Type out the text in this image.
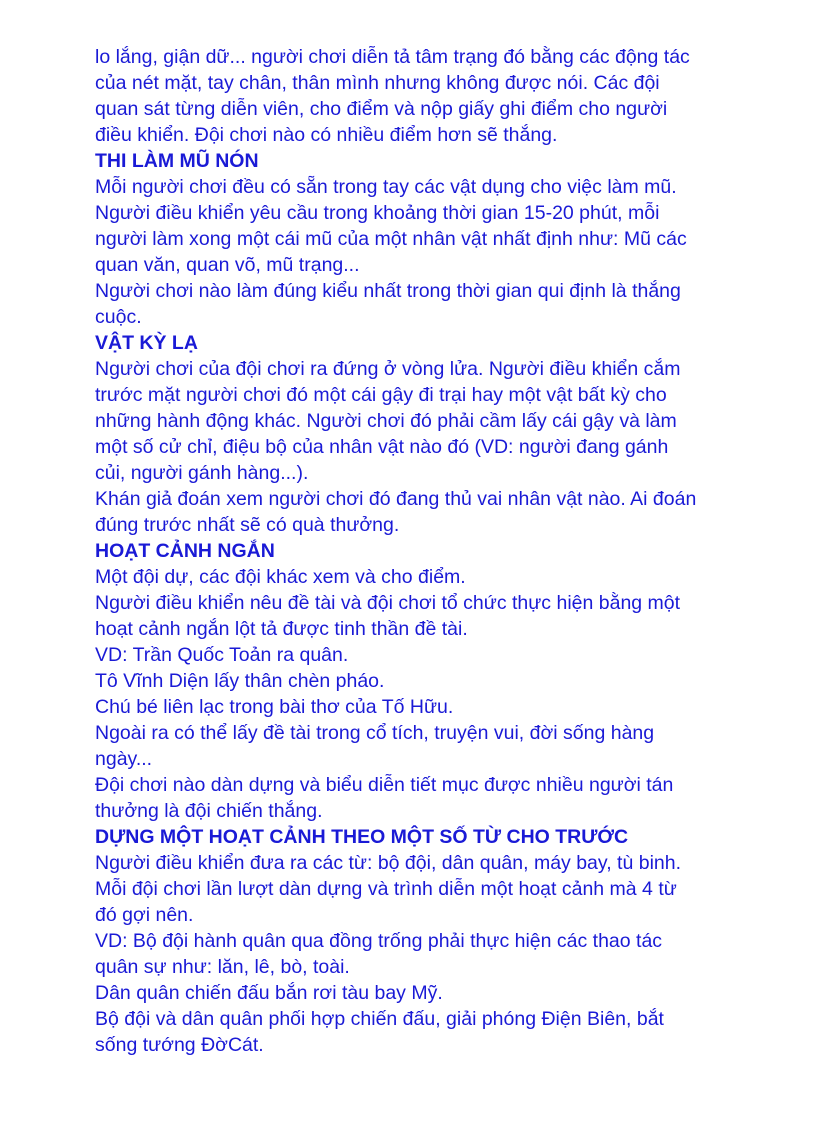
lo lắng, giận dữ... người chơi diễn tả tâm trạng đó bằng các động tác
của nét mặt, tay chân, thân mình nhưng không được nói. Các đội
quan sát từng diễn viên, cho điểm và nộp giấy ghi điểm cho người
điều khiển. Đội chơi nào có nhiều điểm hơn sẽ thắng.
THI LÀM MŨ NÓN
Mỗi người chơi đều có sẵn trong tay các vật dụng cho việc làm mũ.
Người điều khiển yêu cầu trong khoảng thời gian 15-20 phút, mỗi
người làm xong một cái mũ của một nhân vật nhất định như: Mũ các
quan văn, quan võ, mũ trạng...
Người chơi nào làm đúng kiểu nhất trong thời gian qui định là thắng
cuộc.
VẬT KỲ LẠ
Người chơi của đội chơi ra đứng ở vòng lửa. Người điều khiển cắm
trước mặt người chơi đó một cái gậy đi trại hay một vật bất kỳ cho
những hành động khác. Người chơi đó phải cầm lấy cái gậy và làm
một số cử chỉ, điệu bộ của nhân vật nào đó (VD: người đang gánh
củi, người gánh hàng...).
Khán giả đoán xem người chơi đó đang thủ vai nhân vật nào. Ai đoán
đúng trước nhất sẽ có quà thưởng.
HOẠT CẢNH NGẮN
Một đội dự, các đội khác xem và cho điểm.
Người điều khiển nêu đề tài và đội chơi tổ chức thực hiện bằng một
hoạt cảnh ngắn lột tả được tinh thần đề tài.
VD: Trần Quốc Toản ra quân.
Tô Vĩnh Diện lấy thân chèn pháo.
Chú bé liên lạc trong bài thơ của Tố Hữu.
Ngoài ra có thể lấy đề tài trong cổ tích, truyện vui, đời sống hàng
ngày...
Đội chơi nào dàn dựng và biểu diễn tiết mục được nhiều người tán
thưởng là đội chiến thắng.
DỰNG MỘT HOẠT CẢNH THEO MỘT SỐ TỪ CHO TRƯỚC
Người điều khiển đưa ra các từ: bộ đội, dân quân, máy bay, tù binh.
Mỗi đội chơi lần lượt dàn dựng và trình diễn một hoạt cảnh mà 4 từ
đó gợi nên.
VD: Bộ đội hành quân qua đồng trống phải thực hiện các thao tác
quân sự như: lăn, lê, bò, toài.
Dân quân chiến đấu bắn rơi tàu bay Mỹ.
Bộ đội và dân quân phối hợp chiến đấu, giải phóng Điện Biên, bắt
sống tướng ĐờCát.
